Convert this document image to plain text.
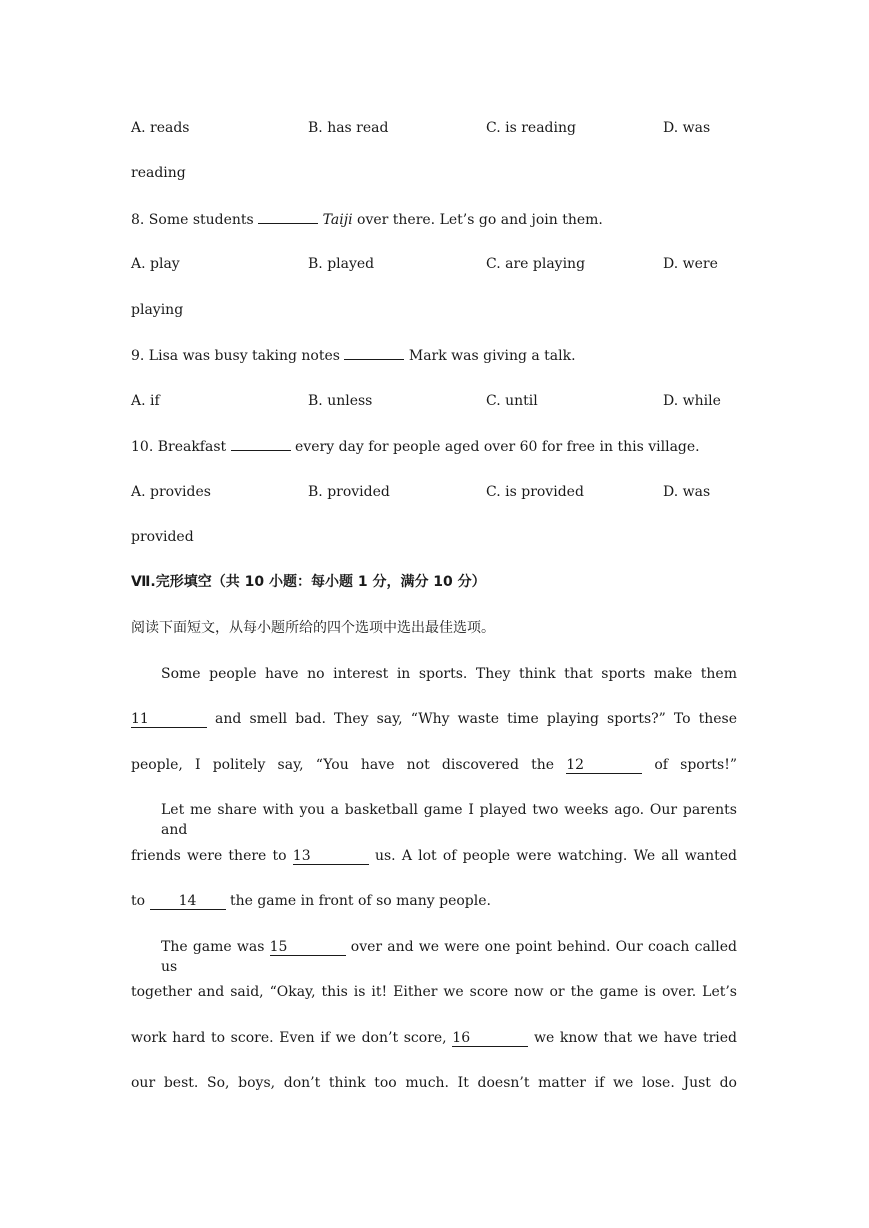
A. reads	B. has read	C. is reading	D. was
reading
8. Some students	Taiji over there. Let’s go and join them.
A. play	B. played	C. are playing	D. were
playing
9. Lisa was busy taking notes	Mark was giving a talk.
A. if	B. unless	C. until	D. while
10. Breakfast	every day for people aged over 60 for free in this village.
A. provides	B. provided	C. is provided	D. was
provided
Ⅶ.完形填空（共 10 小题：每小题 1 分，满分 10 分）
阅读下面短文，从每小题所给的四个选项中选出最佳选项。
Some people have no interest in sports. They think that sports make them
11	and smell bad. They say, “Why waste time playing sports?” To these
people, I politely say, “You have not discovered the 12	of sports!”
Let me share with you a basketball game I played two weeks ago. Our parents and
friends were there to 13	us. A lot of people were watching. We all wanted
to 14 the game in front of so many people.
The game was 15	over and we were one point behind. Our coach called us
together and said, “Okay, this is it! Either we score now or the game is over. Let’s
work hard to score. Even if we don’t score, 16	we know that we have tried
our best. So, boys, don’t think too much. It doesn’t matter if we lose. Just do
